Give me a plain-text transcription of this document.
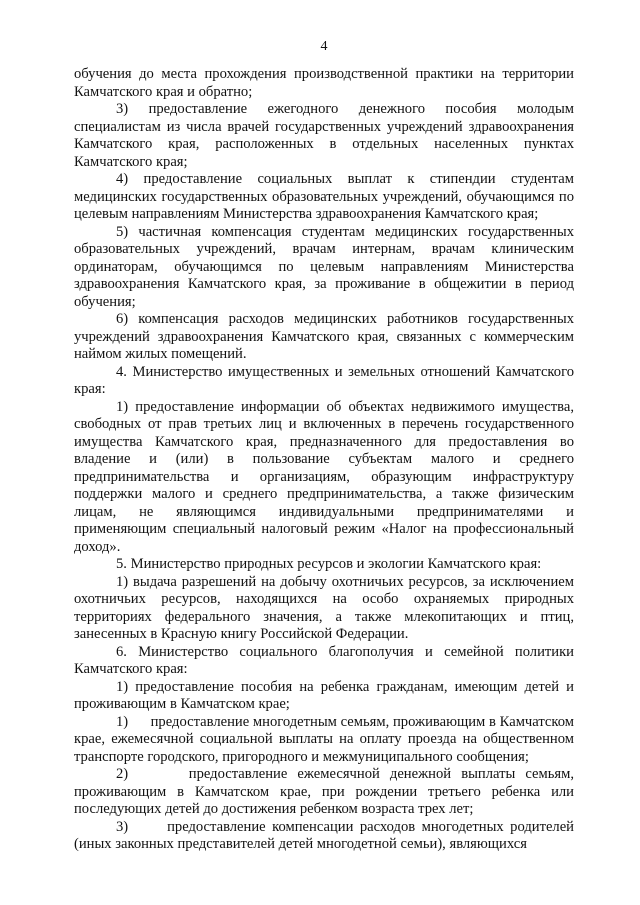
4

обучения до места прохождения производственной практики на территории Камчатского края и обратно;

3) предоставление ежегодного денежного пособия молодым специалистам из числа врачей государственных учреждений здравоохранения Камчатского края, расположенных в отдельных населенных пунктах Камчатского края;

4) предоставление социальных выплат к стипендии студентам медицинских государственных образовательных учреждений, обучающимся по целевым направлениям Министерства здравоохранения Камчатского края;

5) частичная компенсация студентам медицинских государственных образовательных учреждений, врачам интернам, врачам клиническим ординаторам, обучающимся по целевым направлениям Министерства здравоохранения Камчатского края, за проживание в общежитии в период обучения;

6) компенсация расходов медицинских работников государственных учреждений здравоохранения Камчатского края, связанных с коммерческим наймом жилых помещений.

4. Министерство имущественных и земельных отношений Камчатского края:

1) предоставление информации об объектах недвижимого имущества, свободных от прав третьих лиц и включенных в перечень государственного имущества Камчатского края, предназначенного для предоставления во владение и (или) в пользование субъектам малого и среднего предпринимательства и организациям, образующим инфраструктуру поддержки малого и среднего предпринимательства, а также физическим лицам, не являющимся индивидуальными предпринимателями и применяющим специальный налоговый режим «Налог на профессиональный доход».

5. Министерство природных ресурсов и экологии Камчатского края:

1) выдача разрешений на добычу охотничьих ресурсов, за исключением охотничьих ресурсов, находящихся на особо охраняемых природных территориях федерального значения, а также млекопитающих и птиц, занесенных в Красную книгу Российской Федерации.

6. Министерство социального благополучия и семейной политики Камчатского края:

1) предоставление пособия на ребенка гражданам, имеющим детей и проживающим в Камчатском крае;

1)      предоставление многодетным семьям, проживающим в Камчатском крае, ежемесячной социальной выплаты на оплату проезда на общественном транспорте городского, пригородного и межмуниципального сообщения;

2)      предоставление ежемесячной денежной выплаты семьям, проживающим в Камчатском крае, при рождении третьего ребенка или последующих детей до достижения ребенком возраста трех лет;

3)      предоставление компенсации расходов многодетных родителей (иных законных представителей детей многодетной семьи), являющихся
